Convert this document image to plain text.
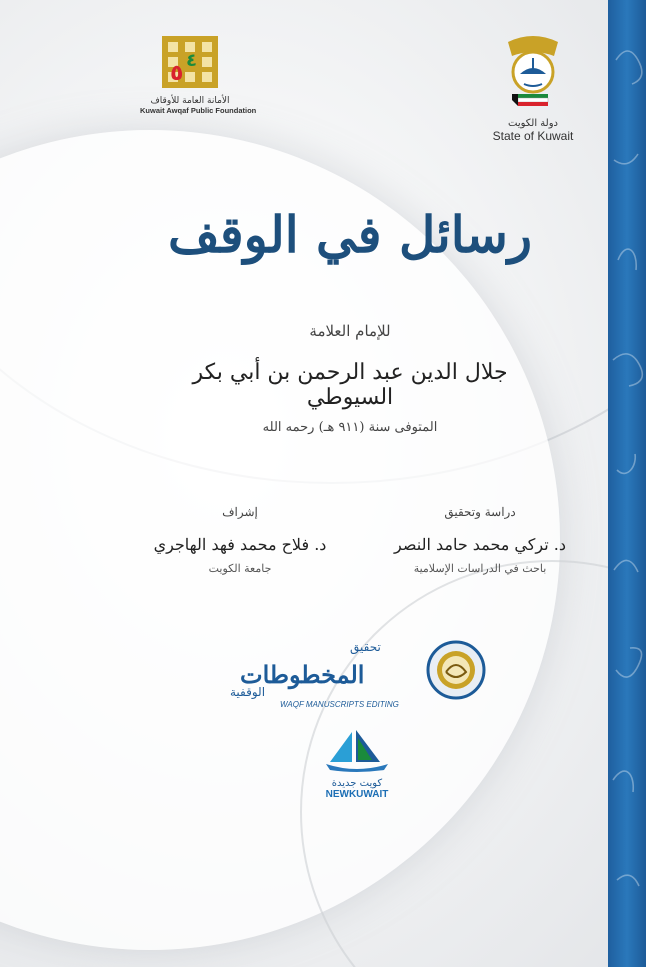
٥
٤
الأمانة العامة للأوقاف
Kuwait Awqaf Public Foundation
دولة الكويت
State of Kuwait
رسائل في الوقف
للإمام العلامة
جلال الدين عبد الرحمن بن أبي بكر السيوطي
المتوفى سنة (٩١١ هـ) رحمه الله
دراسة وتحقيق
د. تركي محمد حامد النصر
باحث في الدراسات الإسلامية
إشراف
د. فلاح محمد فهد الهاجري
جامعة الكويت
تحقيق
المخطوطات
الوقفية
WAQF MANUSCRIPTS EDITING
كويت جديدة
NEWKUWAIT
